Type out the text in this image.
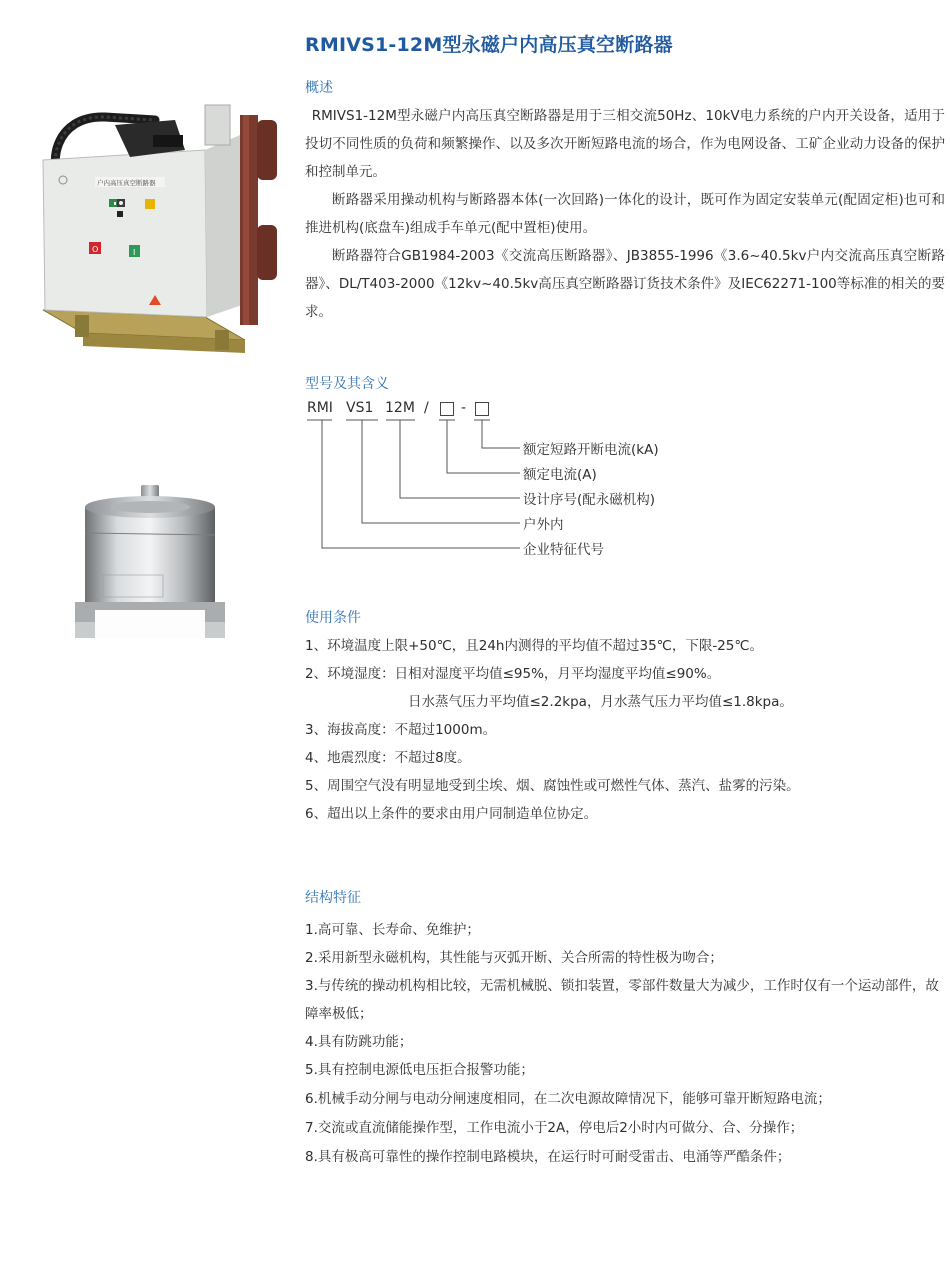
RMIVS1-12M型永磁户内高压真空断路器
户内高压真空断路器
O	I
概述
RMIVS1-12M型永磁户内高压真空断路器是用于三相交流50Hz、10kV电力系统的户内开关设备，适用于投切不同性质的负荷和频繁操作、以及多次开断短路电流的场合，作为电网设备、工矿企业动力设备的保护和控制单元。
断路器采用操动机构与断路器本体(一次回路)一体化的设计，既可作为固定安装单元(配固定柜)也可和推进机构(底盘车)组成手车单元(配中置柜)使用。
断路器符合GB1984-2003《交流高压断路器》、JB3855-1996《3.6~40.5kv户内交流高压真空断路器》、DL/T403-2000《12kv~40.5kv高压真空断路器订货技术条件》及IEC62271-100等标准的相关的要求。
型号及其含义
RMI VS1 12M / -
额定短路开断电流(kA)
额定电流(A)
设计序号(配永磁机构)
户外内
企业特征代号
使用条件
1、环境温度上限+50℃，且24h内测得的平均值不超过35℃，下限-25℃。
2、环境湿度：日相对湿度平均值≤95%，月平均湿度平均值≤90%。
日水蒸气压力平均值≤2.2kpa，月水蒸气压力平均值≤1.8kpa。
3、海拔高度：不超过1000m。
4、地震烈度：不超过8度。
5、周围空气没有明显地受到尘埃、烟、腐蚀性或可燃性气体、蒸汽、盐雾的污染。
6、超出以上条件的要求由用户同制造单位协定。
结构特征
1.高可靠、长寿命、免维护；
2.采用新型永磁机构，其性能与灭弧开断、关合所需的特性极为吻合；
3.与传统的操动机构相比较，无需机械脱、锁扣装置，零部件数量大为减少，工作时仅有一个运动部件，故障率极低；
4.具有防跳功能；
5.具有控制电源低电压拒合报警功能；
6.机械手动分闸与电动分闸速度相同，在二次电源故障情况下，能够可靠开断短路电流；
7.交流或直流储能操作型，工作电流小于2A，停电后2小时内可做分、合、分操作；
8.具有极高可靠性的操作控制电路模块，在运行时可耐受雷击、电涌等严酷条件；
